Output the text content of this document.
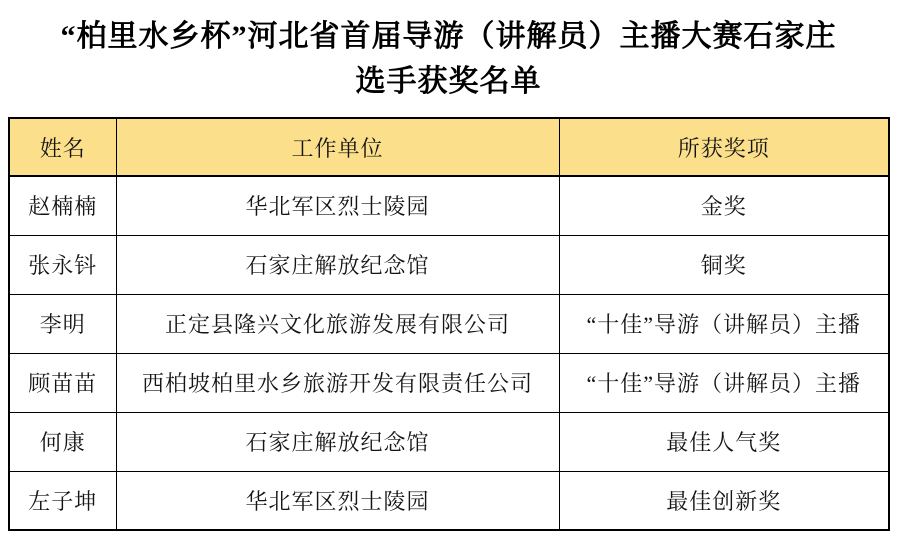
“柏里水乡杯”河北省首届导游（讲解员）主播大赛石家庄
选手获奖名单
姓名	工作单位	所获奖项
赵楠楠	华北军区烈士陵园	金奖
张永钭	石家庄解放纪念馆	铜奖
李明	正定县隆兴文化旅游发展有限公司	“十佳”导游（讲解员）主播
顾苗苗	西柏坡柏里水乡旅游开发有限责任公司	“十佳”导游（讲解员）主播
何康	石家庄解放纪念馆	最佳人气奖
左子坤	华北军区烈士陵园	最佳创新奖
